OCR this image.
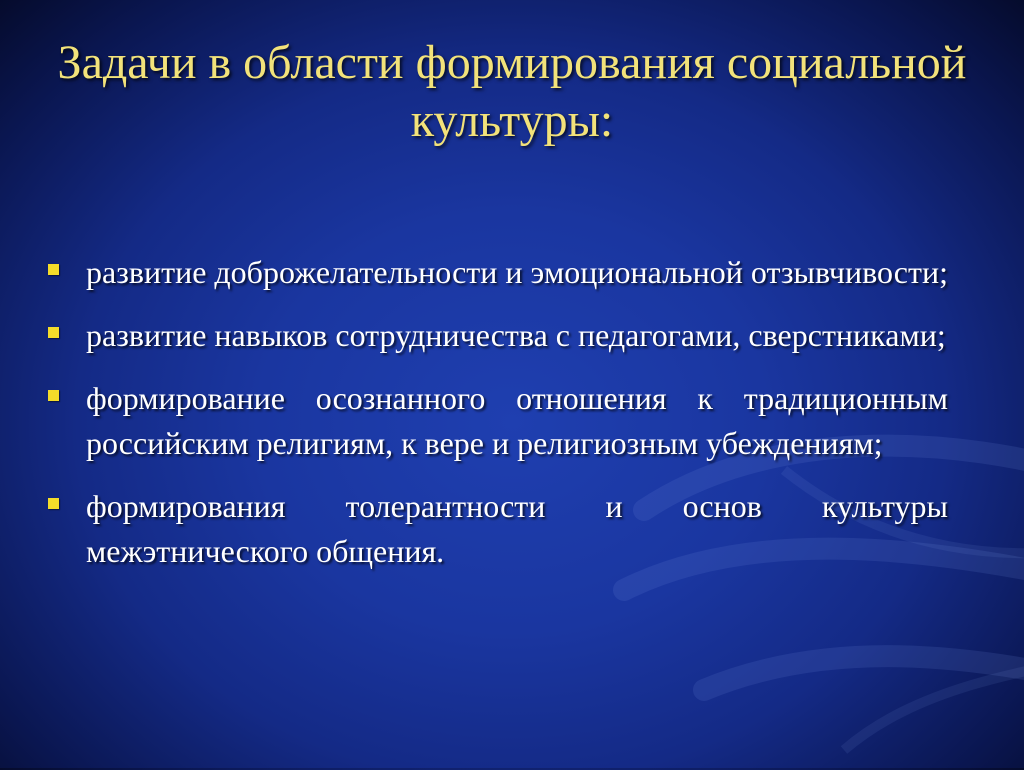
Задачи в области формирования социальной культуры:
развитие доброжелательности и эмоциональной отзывчивости;
развитие навыков сотрудничества с педагогами, сверстниками;
формирование осознанного отношения к традиционным российским религиям, к вере и религиозным убеждениям;
формирования толерантности и основ культуры межэтнического общения.
